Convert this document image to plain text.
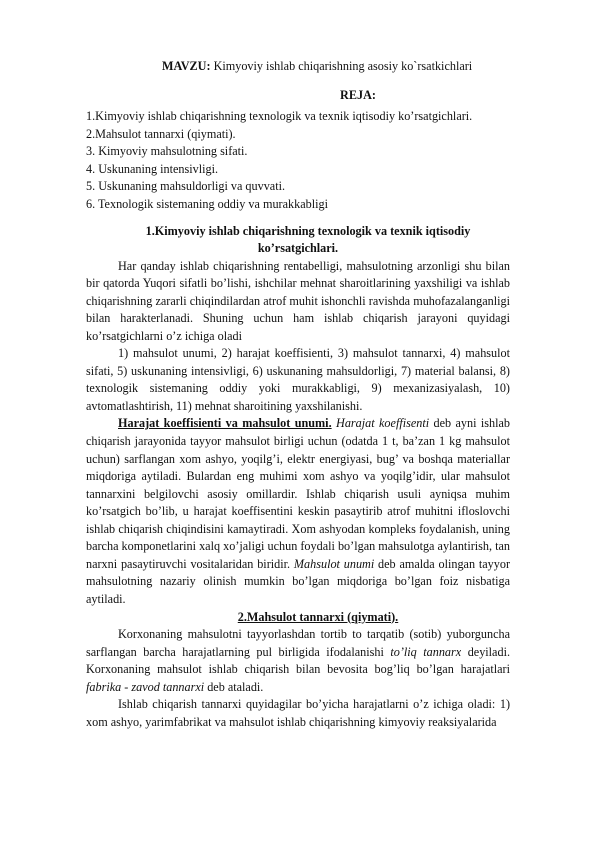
MAVZU: Kimyoviy ishlab chiqarishning asosiy ko`rsatkichlari
REJA:
1.Kimyoviy ishlab chiqarishning texnologik va texnik iqtisodiy ko’rsatgichlari.
2.Mahsulot tannarxi (qiymati).
3. Kimyoviy mahsulotning sifati.
4. Uskunaning intensivligi.
5. Uskunaning mahsuldorligi va quvvati.
6. Texnologik sistemaning oddiy va murakkabligi
1.Kimyoviy ishlab chiqarishning texnologik va texnik iqtisodiy
ko’rsatgichlari.

Har qanday ishlab chiqarishning rentabelligi, mahsulotning arzonligi shu bilan bir qatorda Yuqori sifatli bo’lishi, ishchilar mehnat sharoitlarining yaxshiligi va ishlab chiqarishning zararli chiqindilardan atrof muhit ishonchli ravishda muhofazalanganligi bilan harakterlanadi. Shuning uchun ham ishlab chiqarish jarayoni quyidagi ko’rsatgichlarni o’z ichiga oladi

1) mahsulot unumi, 2) harajat koeffisienti, 3) mahsulot tannarxi, 4) mahsulot sifati, 5) uskunaning intensivligi, 6) uskunaning mahsuldorligi, 7) material balansi, 8) texnologik sistemaning oddiy yoki murakkabligi, 9) mexanizasiyalash, 10) avtomatlashtirish, 11) mehnat sharoitining yaxshilanishi.

Harajat koeffisienti va mahsulot unumi. Harajat koeffisenti deb ayni ishlab chiqarish jarayonida tayyor mahsulot birligi uchun (odatda 1 t, ba’zan 1 kg mahsulot uchun) sarflangan xom ashyo, yoqilg’i, elektr energiyasi, bug’ va boshqa materiallar miqdoriga aytiladi. Bulardan eng muhimi xom ashyo va yoqilg’idir, ular mahsulot tannarxini belgilovchi asosiy omillardir. Ishlab chiqarish usuli ayniqsa muhim ko’rsatgich bo’lib, u harajat koeffisentini keskin pasaytirib atrof muhitni ifloslovchi ishlab chiqarish chiqindisini kamaytiradi. Xom ashyodan kompleks foydalanish, uning barcha komponetlarini xalq xo’jaligi uchun foydali bo’lgan mahsulotga aylantirish, tan narxni pasaytiruvchi vositalaridan biridir. Mahsulot unumi deb amalda olingan tayyor mahsulotning nazariy olinish mumkin bo’lgan miqdoriga bo’lgan foiz nisbatiga aytiladi.

2.Mahsulot tannarxi (qiymati).

Korxonaning mahsulotni tayyorlashdan tortib to tarqatib (sotib) yuborguncha sarflangan barcha harajatlarning pul birligida ifodalanishi to’liq tannarx deyiladi. Korxonaning mahsulot ishlab chiqarish bilan bevosita bog’liq bo’lgan harajatlari fabrika - zavod tannarxi deb ataladi.

Ishlab chiqarish tannarxi quyidagilar bo’yicha harajatlarni o’z ichiga oladi: 1) xom ashyo, yarimfabrikat va mahsulot ishlab chiqarishning kimyoviy reaksiyalarida
